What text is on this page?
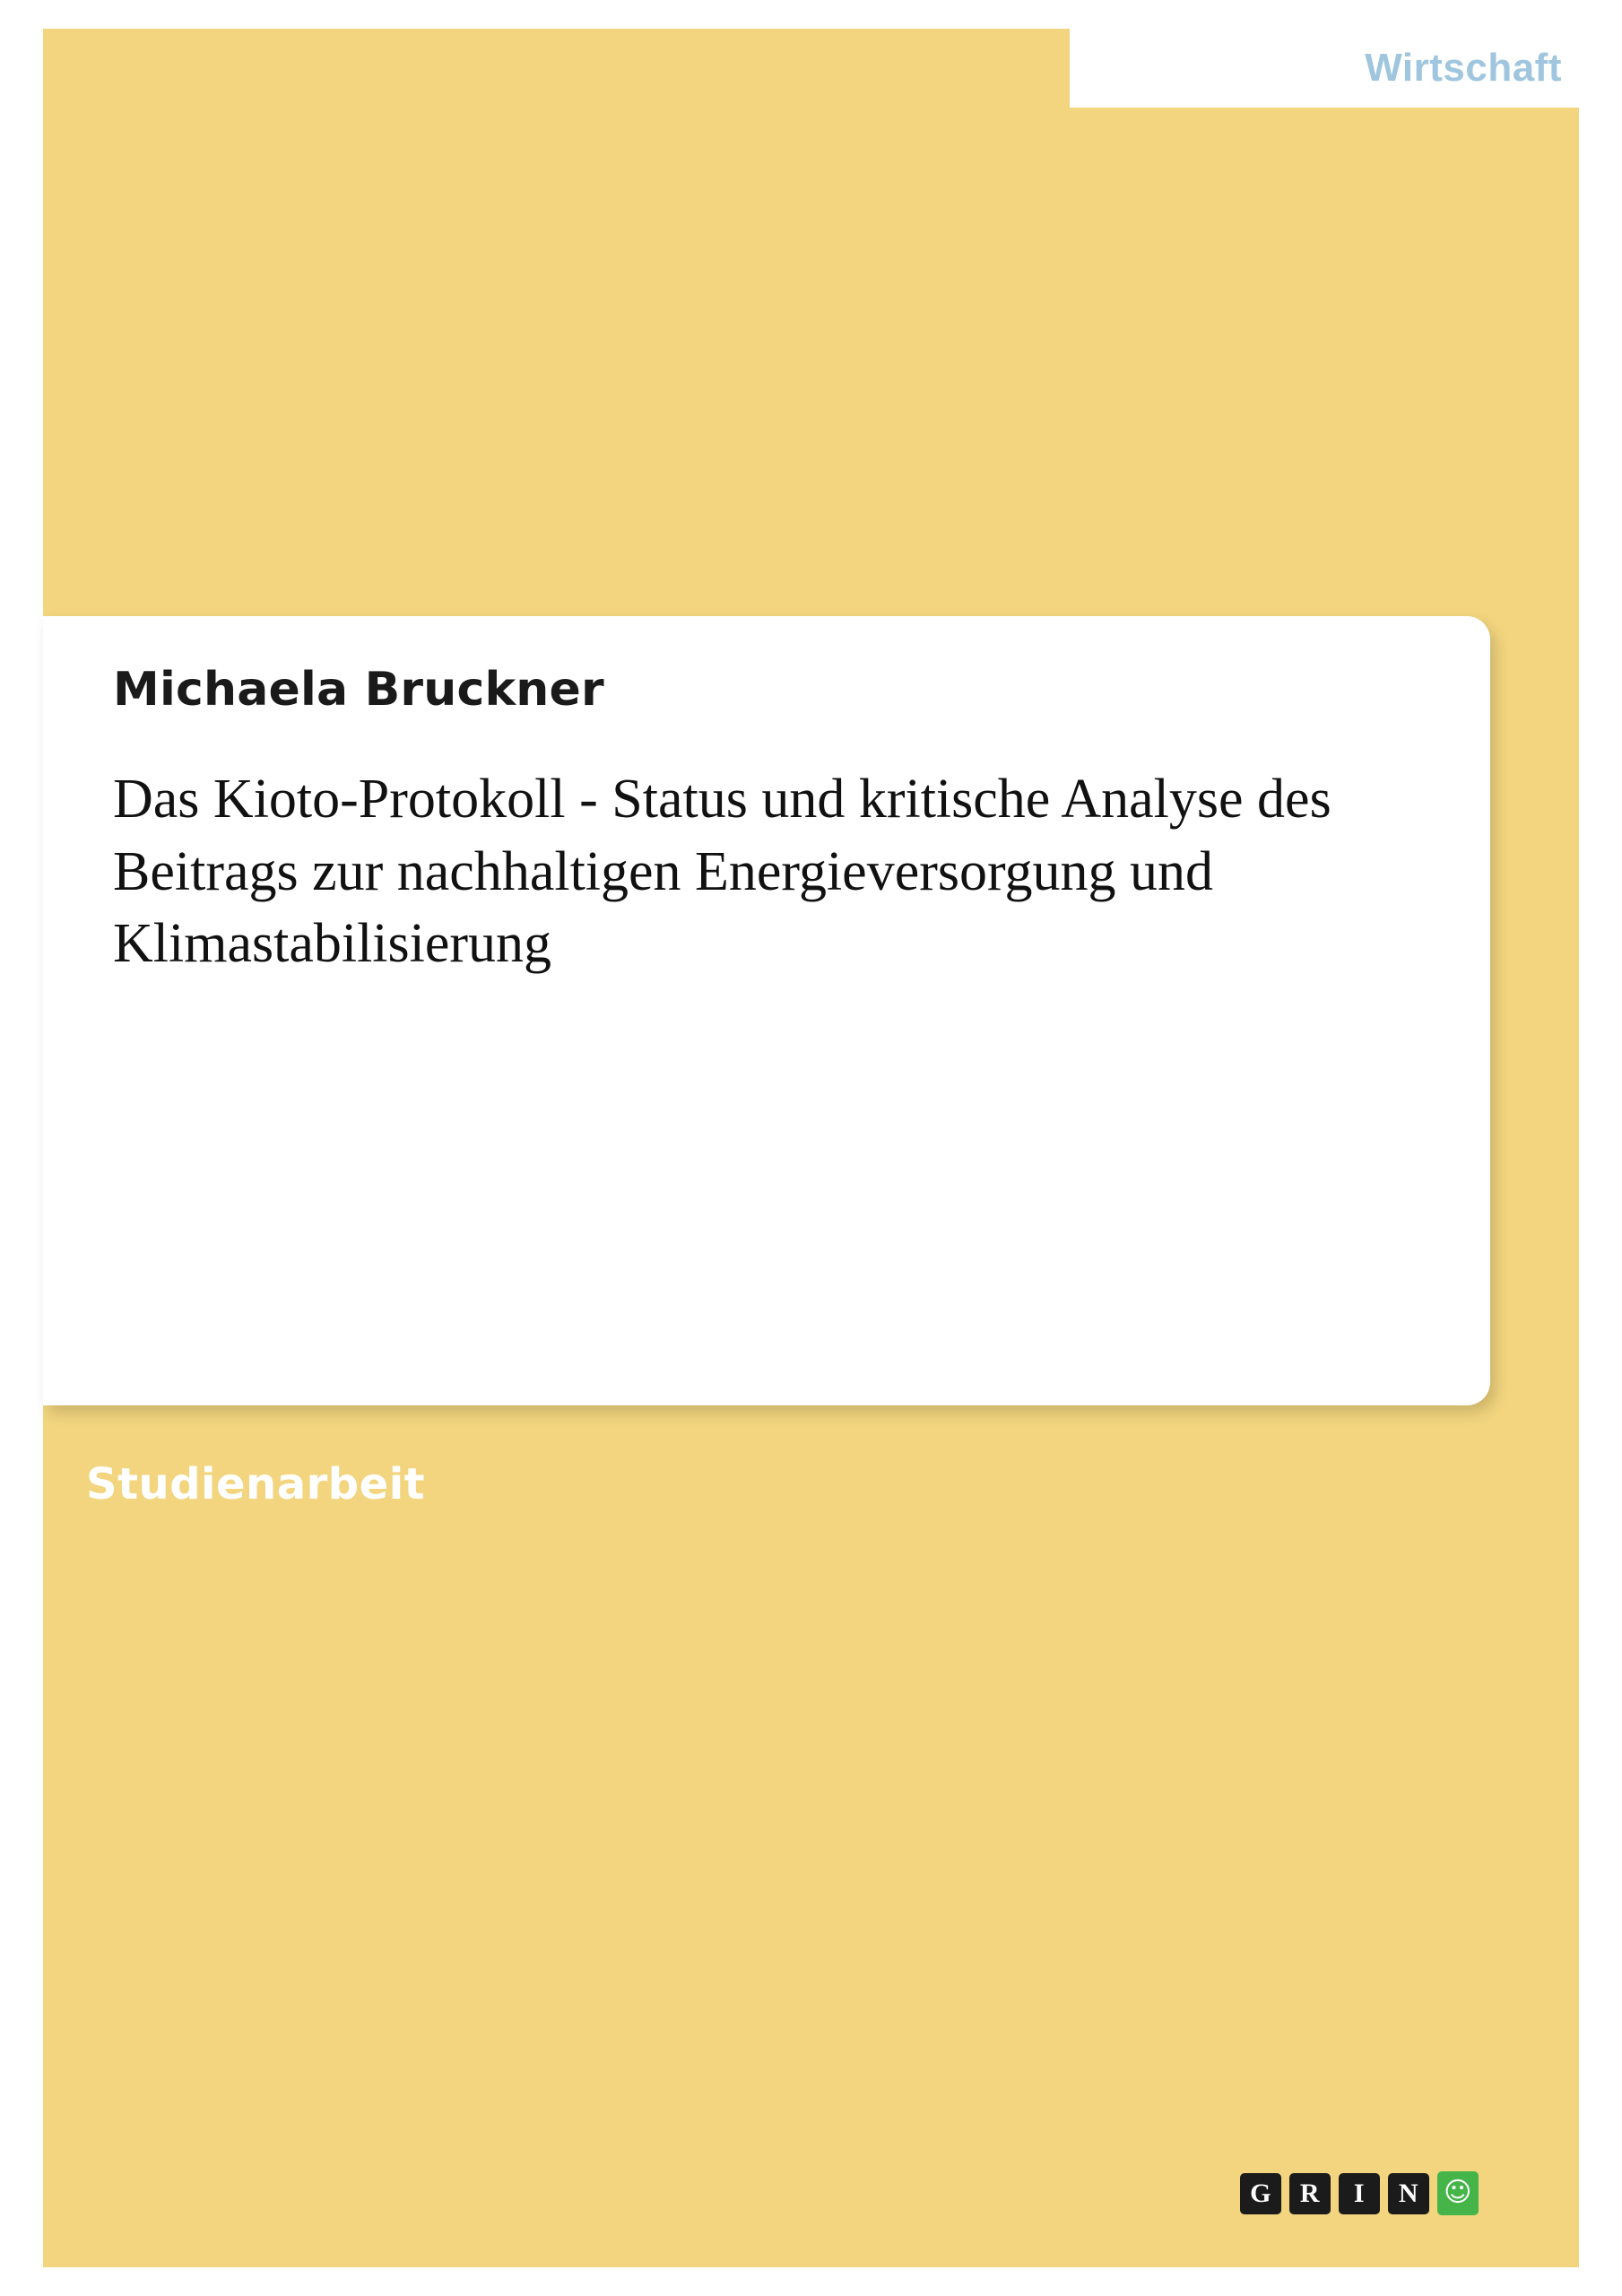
Wirtschaft
Michaela Bruckner
Das Kioto-Protokoll - Status und kritische Analyse des Beitrags zur nachhaltigen Energieversorgung und Klimastabilisierung
Studienarbeit
G	R	I	N ☺
